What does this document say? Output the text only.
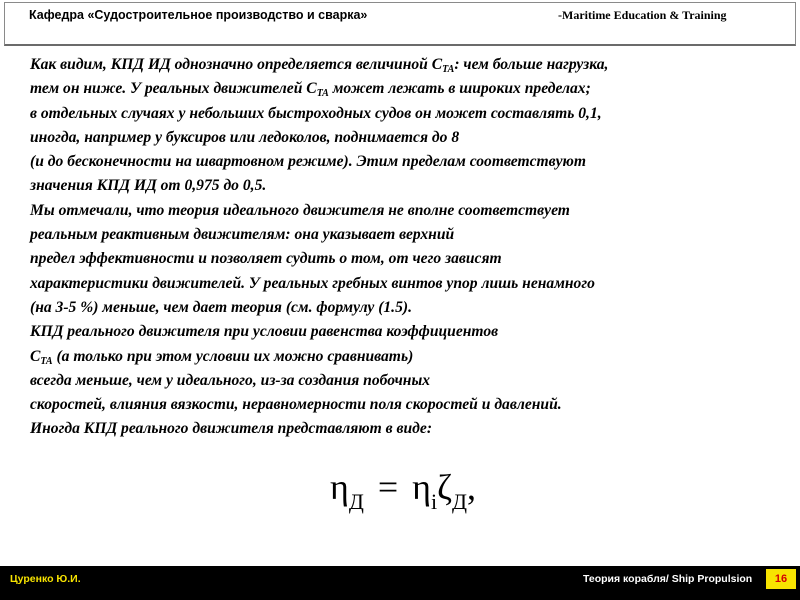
Кафедра «Судостроительное производство и сварка»	-Maritime Education & Training
Как видим, КПД ИД однозначно определяется величиной $С_{ТА}$: чем больше нагрузка,
тем он ниже. У реальных движителей $С_{ТА}$ может лежать в широких пределах;
в отдельных случаях у небольших быстроходных судов он может составлять 0,1,
иногда, например у буксиров или ледоколов, поднимается до 8
(и до бесконечности на швартовном режиме). Этим пределам соответствуют
значения КПД ИД от 0,975 до 0,5.
Мы отмечали, что теория идеального движителя не вполне соответствует
реальным реактивным движителям: она указывает верхний
предел эффективности и позволяет судить о том, от чего зависят
характеристики движителей. У реальных гребных винтов упор лишь ненамного
(на 3-5 %) меньше, чем дает теория (см. формулу (1.5).
КПД реального движителя при условии равенства коэффициентов
$С_{ТА}$ (а только при этом условии их можно сравнивать)
всегда меньше, чем у идеального, из-за создания побочных
скоростей, влияния вязкости, неравномерности поля скоростей и давлений.
Иногда КПД реального движителя представляют в виде:
$\eta_Д = \eta_i\zeta_Д$,
Цуренко Ю.И.	Теория корабля/ Ship Propulsion	16
